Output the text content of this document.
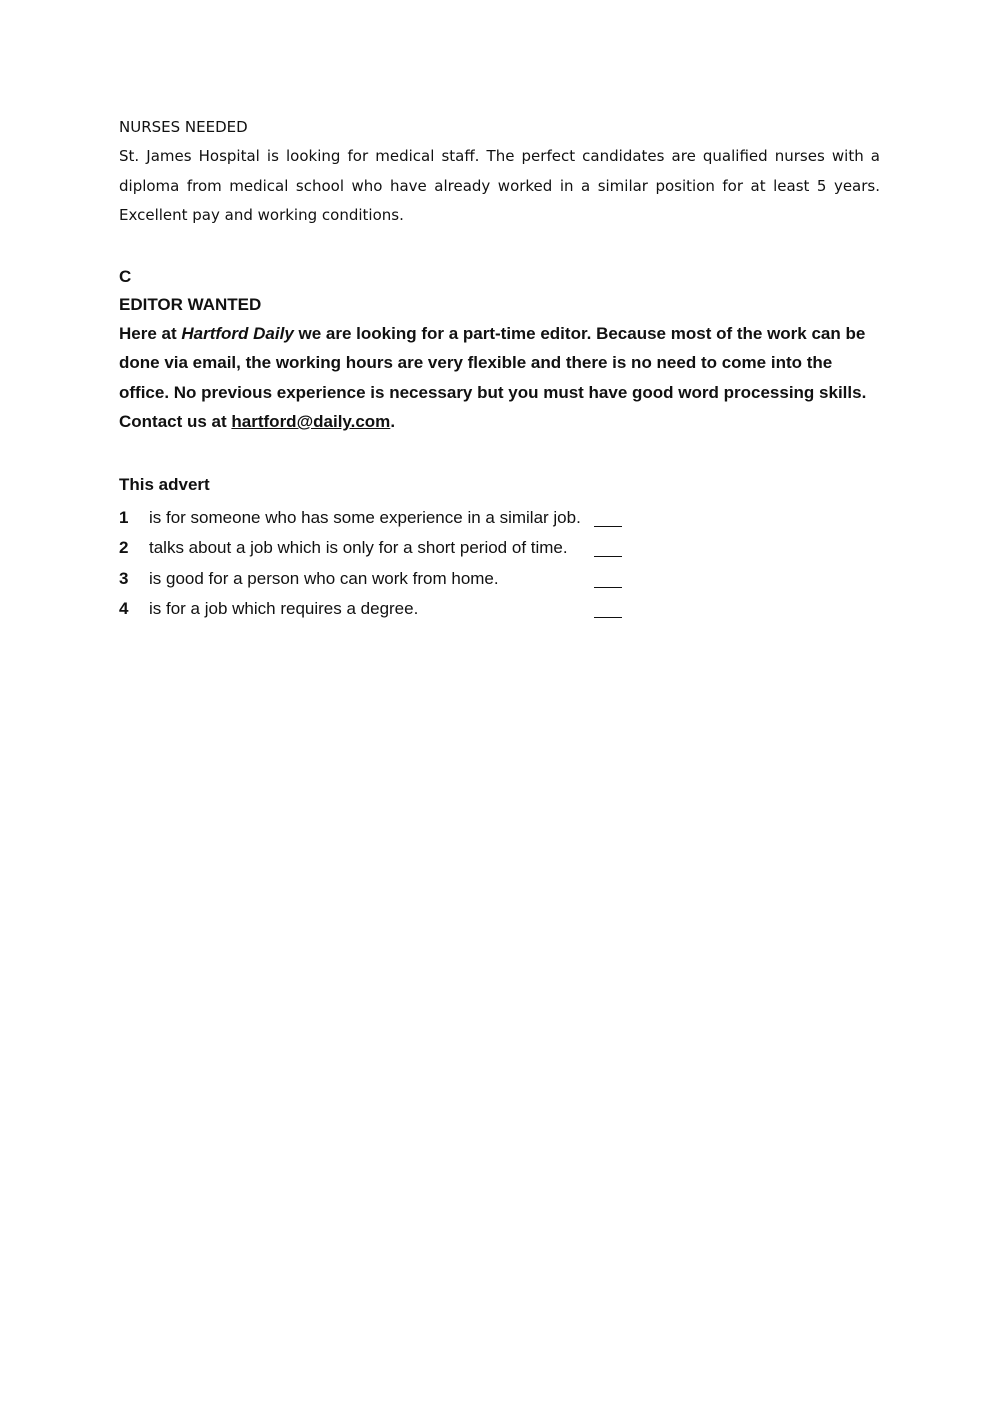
NURSES NEEDED

St. James Hospital is looking for medical staff. The perfect candidates are qualified nurses with a diploma from medical school who have already worked in a similar position for at least 5 years. Excellent pay and working conditions.

C

EDITOR WANTED

Here at Hartford Daily we are looking for a part-time editor. Because most of the work can be done via email, the working hours are very flexible and there is no need to come into the office. No previous experience is necessary but you must have good word processing skills. Contact us at hartford@daily.com.

This advert

1	is for someone who has some experience in a similar job.
2	talks about a job which is only for a short period of time.
3	is good for a person who can work from home.
4	is for a job which requires a degree.
